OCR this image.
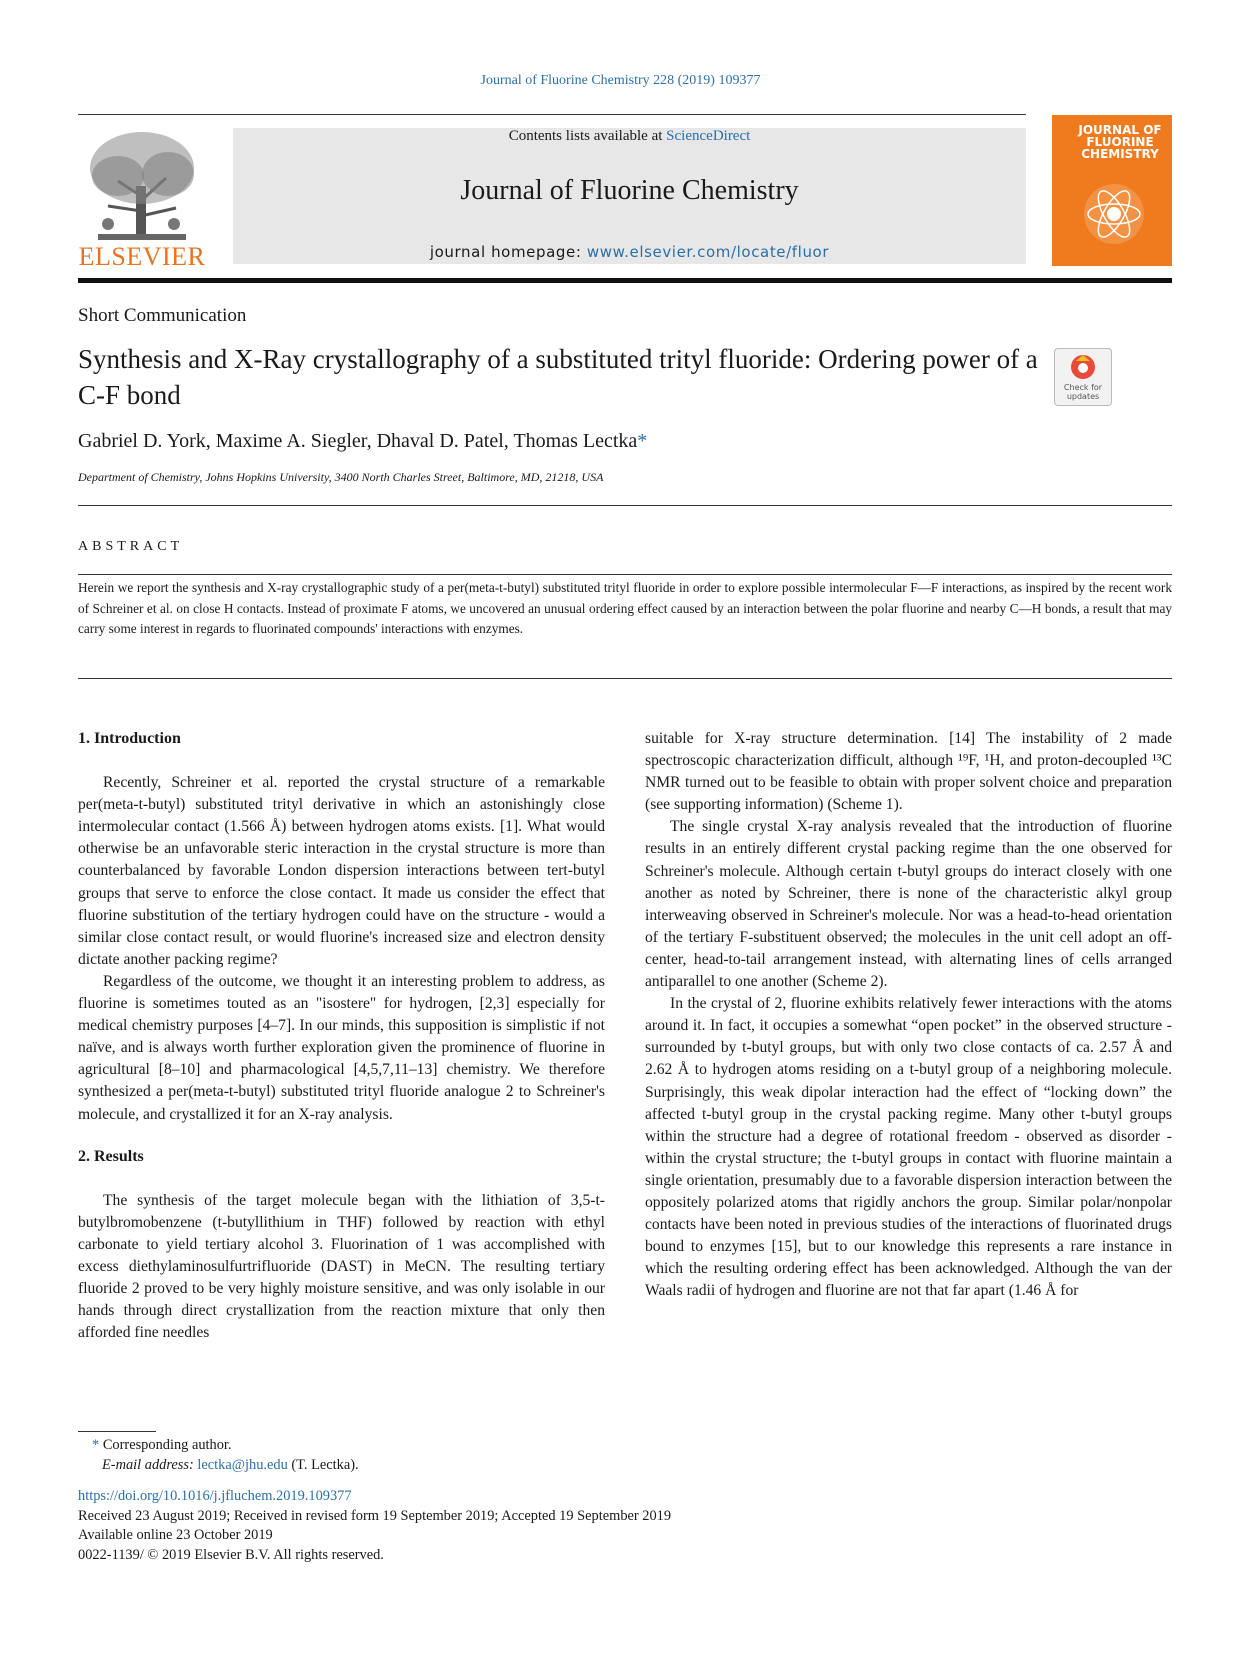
Journal of Fluorine Chemistry 228 (2019) 109377
ELSEVIER
Contents lists available at ScienceDirect
Journal of Fluorine Chemistry
journal homepage: www.elsevier.com/locate/fluor
JOURNAL OF FLUORINE CHEMISTRY
Short Communication
Synthesis and X-Ray crystallography of a substituted trityl fluoride: Ordering power of a C-F bond	Check for updates
Gabriel D. York, Maxime A. Siegler, Dhaval D. Patel, Thomas Lectka*
Department of Chemistry, Johns Hopkins University, 3400 North Charles Street, Baltimore, MD, 21218, USA
ABSTRACT
Herein we report the synthesis and X-ray crystallographic study of a per(meta-t-butyl) substituted trityl fluoride in order to explore possible intermolecular F—F interactions, as inspired by the recent work of Schreiner et al. on close H contacts. Instead of proximate F atoms, we uncovered an unusual ordering effect caused by an interaction between the polar fluorine and nearby C—H bonds, a result that may carry some interest in regards to fluorinated compounds' interactions with enzymes.
1. Introduction

Recently, Schreiner et al. reported the crystal structure of a remarkable per(meta-t-butyl) substituted trityl derivative in which an astonishingly close intermolecular contact (1.566 Å) between hydrogen atoms exists. [1]. What would otherwise be an unfavorable steric interaction in the crystal structure is more than counterbalanced by favorable London dispersion interactions between tert-butyl groups that serve to enforce the close contact. It made us consider the effect that fluorine substitution of the tertiary hydrogen could have on the structure - would a similar close contact result, or would fluorine's increased size and electron density dictate another packing regime?

Regardless of the outcome, we thought it an interesting problem to address, as fluorine is sometimes touted as an "isostere" for hydrogen, [2,3] especially for medical chemistry purposes [4–7]. In our minds, this supposition is simplistic if not naïve, and is always worth further exploration given the prominence of fluorine in agricultural [8–10] and pharmacological [4,5,7,11–13] chemistry. We therefore synthesized a per(meta-t-butyl) substituted trityl fluoride analogue 2 to Schreiner's molecule, and crystallized it for an X-ray analysis.

2. Results

The synthesis of the target molecule began with the lithiation of 3,5-t-butylbromobenzene (t-butyllithium in THF) followed by reaction with ethyl carbonate to yield tertiary alcohol 3. Fluorination of 1 was accomplished with excess diethylaminosulfurtrifluoride (DAST) in MeCN. The resulting tertiary fluoride 2 proved to be very highly moisture sensitive, and was only isolable in our hands through direct crystallization from the reaction mixture that only then afforded fine needles

suitable for X-ray structure determination. [14] The instability of 2 made spectroscopic characterization difficult, although ¹⁹F, ¹H, and proton-decoupled ¹³C NMR turned out to be feasible to obtain with proper solvent choice and preparation (see supporting information) (Scheme 1).

The single crystal X-ray analysis revealed that the introduction of fluorine results in an entirely different crystal packing regime than the one observed for Schreiner's molecule. Although certain t-butyl groups do interact closely with one another as noted by Schreiner, there is none of the characteristic alkyl group interweaving observed in Schreiner's molecule. Nor was a head-to-head orientation of the tertiary F-substituent observed; the molecules in the unit cell adopt an off-center, head-to-tail arrangement instead, with alternating lines of cells arranged antiparallel to one another (Scheme 2).

In the crystal of 2, fluorine exhibits relatively fewer interactions with the atoms around it. In fact, it occupies a somewhat “open pocket” in the observed structure - surrounded by t-butyl groups, but with only two close contacts of ca. 2.57 Å and 2.62 Å to hydrogen atoms residing on a t-butyl group of a neighboring molecule. Surprisingly, this weak dipolar interaction had the effect of “locking down” the affected t-butyl group in the crystal packing regime. Many other t-butyl groups within the structure had a degree of rotational freedom - observed as disorder - within the crystal structure; the t-butyl groups in contact with fluorine maintain a single orientation, presumably due to a favorable dispersion interaction between the oppositely polarized atoms that rigidly anchors the group. Similar polar/nonpolar contacts have been noted in previous studies of the interactions of fluorinated drugs bound to enzymes [15], but to our knowledge this represents a rare instance in which the resulting ordering effect has been acknowledged. Although the van der Waals radii of hydrogen and fluorine are not that far apart (1.46 Å for

* Corresponding author.
E-mail address: lectka@jhu.edu (T. Lectka).
https://doi.org/10.1016/j.jfluchem.2019.109377
Received 23 August 2019; Received in revised form 19 September 2019; Accepted 19 September 2019
Available online 23 October 2019
0022-1139/ © 2019 Elsevier B.V. All rights reserved.
